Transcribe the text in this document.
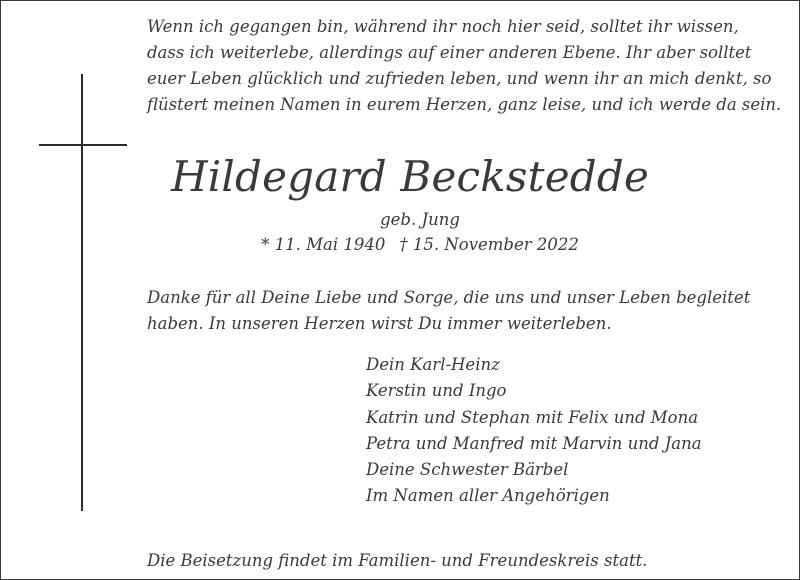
Wenn ich gegangen bin, während ihr noch hier seid, solltet ihr wissen,
dass ich weiterlebe, allerdings auf einer anderen Ebene. Ihr aber solltet
euer Leben glücklich und zufrieden leben, und wenn ihr an mich denkt, so
flüstert meinen Namen in eurem Herzen, ganz leise, und ich werde da sein.
Hildegard Beckstedde
geb. Jung
* 11. Mai 1940 † 15. November 2022
Danke für all Deine Liebe und Sorge, die uns und unser Leben begleitet
haben. In unseren Herzen wirst Du immer weiterleben.
Dein Karl-Heinz
Kerstin und Ingo
Katrin und Stephan mit Felix und Mona
Petra und Manfred mit Marvin und Jana
Deine Schwester Bärbel
Im Namen aller Angehörigen
Die Beisetzung findet im Familien- und Freundeskreis statt.
